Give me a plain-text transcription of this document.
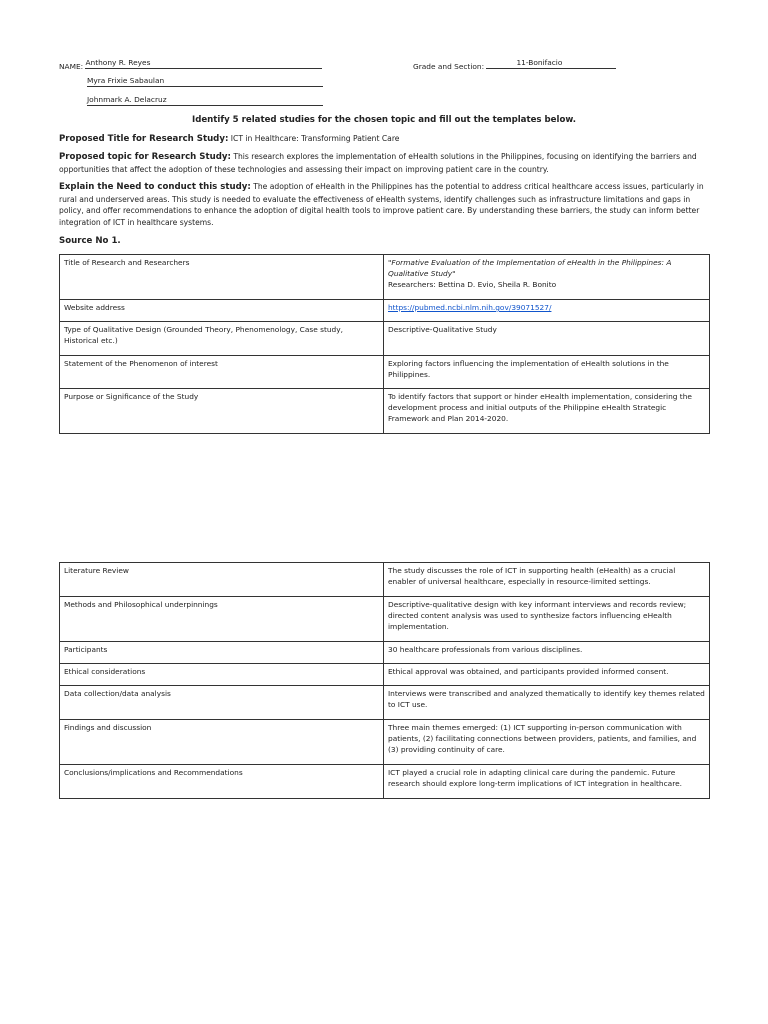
NAME: Anthony R. Reyes
Myra Frixie Sabaulan
Johnmark A. Delacruz
Grade and Section:	11-Bonifacio
Identify 5 related studies for the chosen topic and fill out the templates below.
Proposed Title for Research Study: ICT in Healthcare: Transforming Patient Care
Proposed topic for Research Study: This research explores the implementation of eHealth solutions in the Philippines, focusing on identifying the barriers and opportunities that affect the adoption of these technologies and assessing their impact on improving patient care in the country.
Explain the Need to conduct this study: The adoption of eHealth in the Philippines has the potential to address critical healthcare access issues, particularly in rural and underserved areas. This study is needed to evaluate the effectiveness of eHealth systems, identify challenges such as infrastructure limitations and gaps in policy, and offer recommendations to enhance the adoption of digital health tools to improve patient care. By understanding these barriers, the study can inform better integration of ICT in healthcare systems.
Source No 1.
Title of Research and Researchers	"Formative Evaluation of the Implementation of eHealth in the Philippines: A Qualitative Study"
Researchers: Bettina D. Evio, Sheila R. Bonito

Website address	https://pubmed.ncbi.nlm.nih.gov/39071527/
Type of Qualitative Design (Grounded Theory, Phenomenology, Case study, Historical etc.)	Descriptive-Qualitative Study
Statement of the Phenomenon of interest	Exploring factors influencing the implementation of eHealth solutions in the Philippines.
Purpose or Significance of the Study	To identify factors that support or hinder eHealth implementation, considering the development process and initial outputs of the Philippine eHealth Strategic Framework and Plan 2014-2020.
Literature Review	The study discusses the role of ICT in supporting health (eHealth) as a crucial enabler of universal healthcare, especially in resource-limited settings.
Methods and Philosophical underpinnings	Descriptive-qualitative design with key informant interviews and records review; directed content analysis was used to synthesize factors influencing eHealth implementation.
Participants	30 healthcare professionals from various disciplines.
Ethical considerations	Ethical approval was obtained, and participants provided informed consent.
Data collection/data analysis	Interviews were transcribed and analyzed thematically to identify key themes related to ICT use.
Findings and discussion	Three main themes emerged: (1) ICT supporting in-person communication with patients, (2) facilitating connections between providers, patients, and families, and (3) providing continuity of care.
Conclusions/implications and Recommendations	ICT played a crucial role in adapting clinical care during the pandemic. Future research should explore long-term implications of ICT integration in healthcare.
